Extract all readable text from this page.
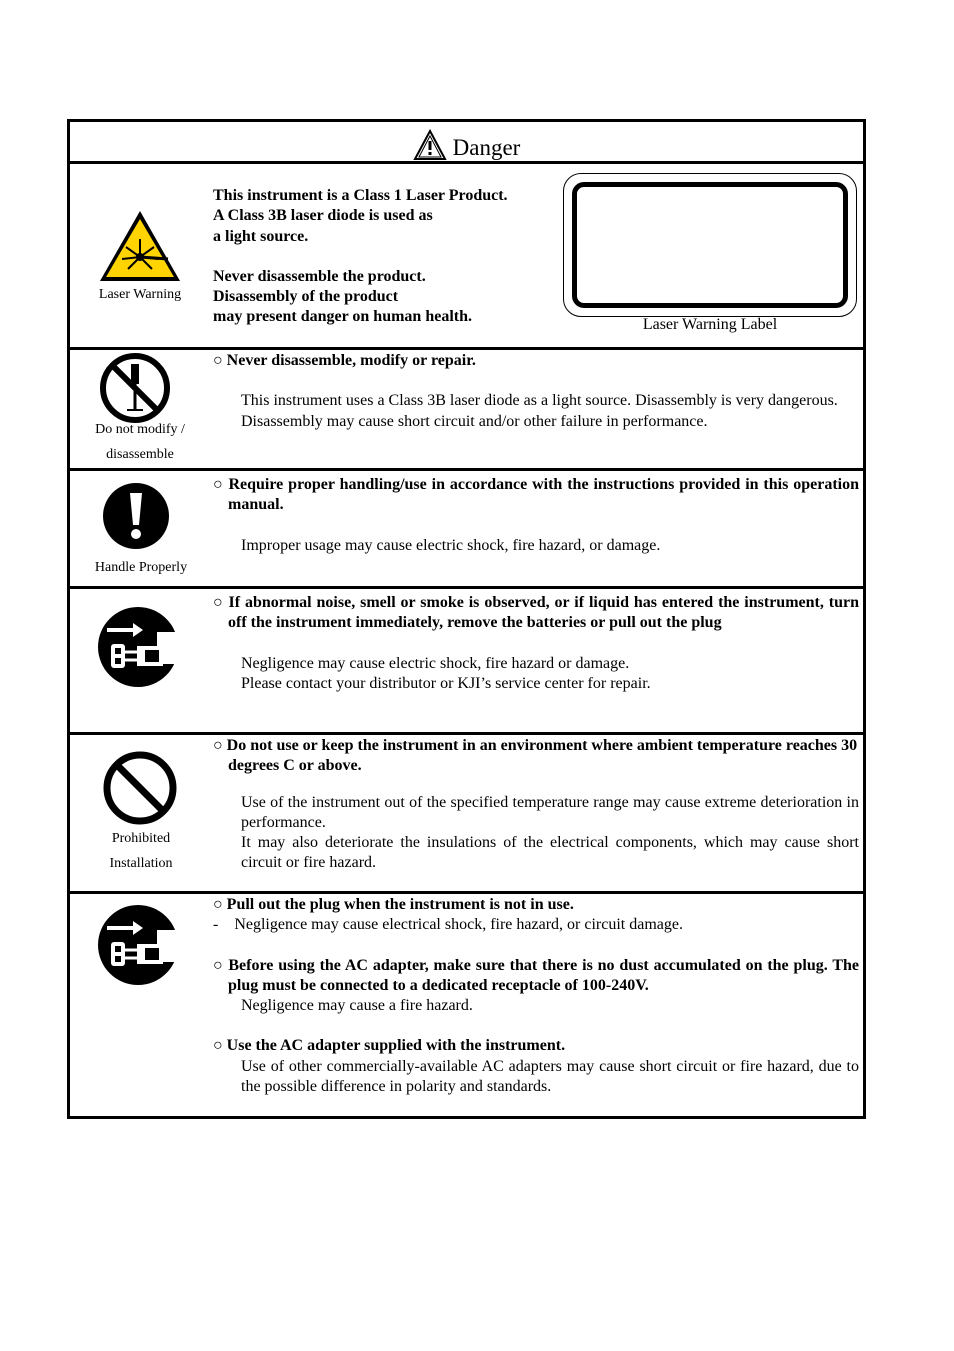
Danger
Laser Warning
This instrument is a Class 1 Laser Product.
A Class 3B laser diode is used as
a light source.
Never disassemble the product.
Disassembly of the product
may present danger on human health.	Laser Warning Label
Do not modify /
disassemble
○ Never disassemble, modify or repair.
This instrument uses a Class 3B laser diode as a light source. Disassembly is very dangerous.
Disassembly may cause short circuit and/or other failure in performance.
Handle Properly
○ Require proper handling/use in accordance with the instructions provided in this operation manual.
Improper usage may cause electric shock, fire hazard, or damage.
○ If abnormal noise, smell or smoke is observed, or if liquid has entered the instrument, turn off the instrument immediately, remove the batteries or pull out the plug
Negligence may cause electric shock, fire hazard or damage.
Please contact your distributor or KJI’s service center for repair.
Prohibited
Installation
○ Do not use or keep the instrument in an environment where ambient temperature reaches 30 degrees C or above.
Use of the instrument out of the specified temperature range may cause extreme deterioration in performance.
It may also deteriorate the insulations of the electrical components, which may cause short circuit or fire hazard.
○ Pull out the plug when the instrument is not in use.
-    Negligence may cause electrical shock, fire hazard, or circuit damage.
○ Before using the AC adapter, make sure that there is no dust accumulated on the plug. The plug must be connected to a dedicated receptacle of 100-240V.
Negligence may cause a fire hazard.
○ Use the AC adapter supplied with the instrument.
Use of other commercially-available AC adapters may cause short circuit or fire hazard, due to the possible difference in polarity and standards.
